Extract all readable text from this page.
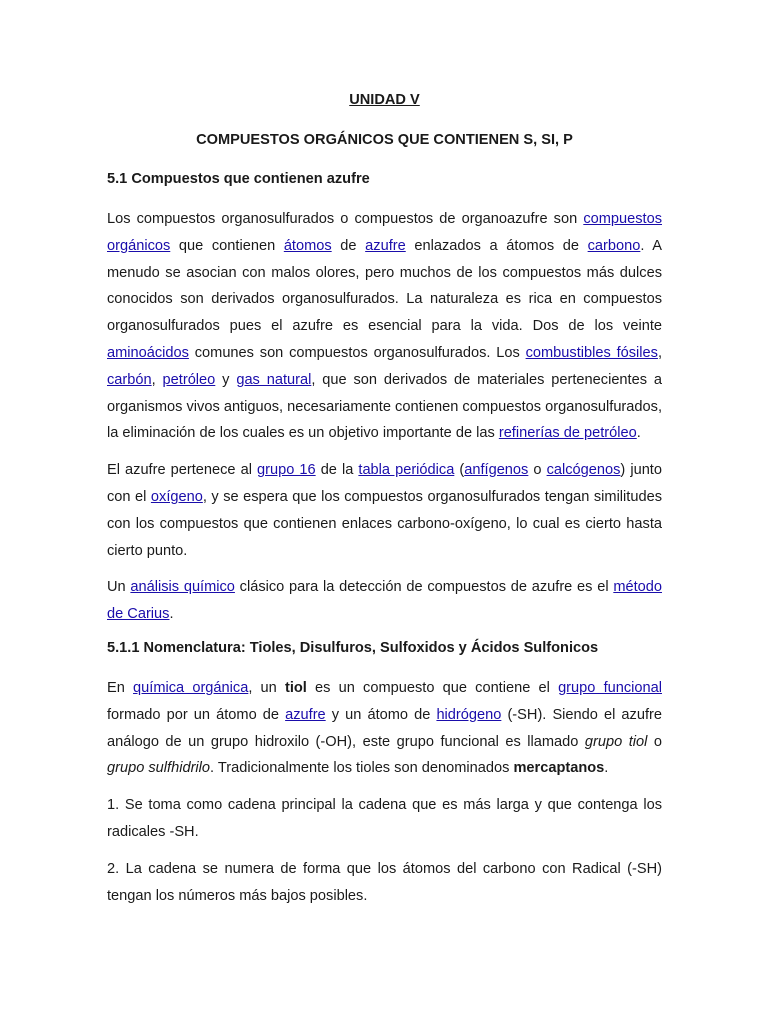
UNIDAD V
COMPUESTOS ORGÁNICOS QUE CONTIENEN S, SI, P
5.1 Compuestos que contienen azufre

Los compuestos organosulfurados o compuestos de organoazufre son compuestos orgánicos que contienen átomos de azufre enlazados a átomos de carbono. A menudo se asocian con malos olores, pero muchos de los compuestos más dulces conocidos son derivados organosulfurados. La naturaleza es rica en compuestos organosulfurados pues el azufre es esencial para la vida. Dos de los veinte aminoácidos comunes son compuestos organosulfurados. Los combustibles fósiles, carbón, petróleo y gas natural, que son derivados de materiales pertenecientes a organismos vivos antiguos, necesariamente contienen compuestos organosulfurados, la eliminación de los cuales es un objetivo importante de las refinerías de petróleo.

El azufre pertenece al grupo 16 de la tabla periódica (anfígenos o calcógenos) junto con el oxígeno, y se espera que los compuestos organosulfurados tengan similitudes con los compuestos que contienen enlaces carbono-oxígeno, lo cual es cierto hasta cierto punto.

Un análisis químico clásico para la detección de compuestos de azufre es el método de Carius.

5.1.1 Nomenclatura: Tioles, Disulfuros, Sulfoxidos y Ácidos Sulfonicos

En química orgánica, un tiol es un compuesto que contiene el grupo funcional formado por un átomo de azufre y un átomo de hidrógeno (-SH). Siendo el azufre análogo de un grupo hidroxilo (-OH), este grupo funcional es llamado grupo tiol o grupo sulfhidrilo. Tradicionalmente los tioles son denominados mercaptanos.

1. Se toma como cadena principal la cadena que es más larga y que contenga los radicales -SH.

2. La cadena se numera de forma que los átomos del carbono con Radical (-SH) tengan los números más bajos posibles.
